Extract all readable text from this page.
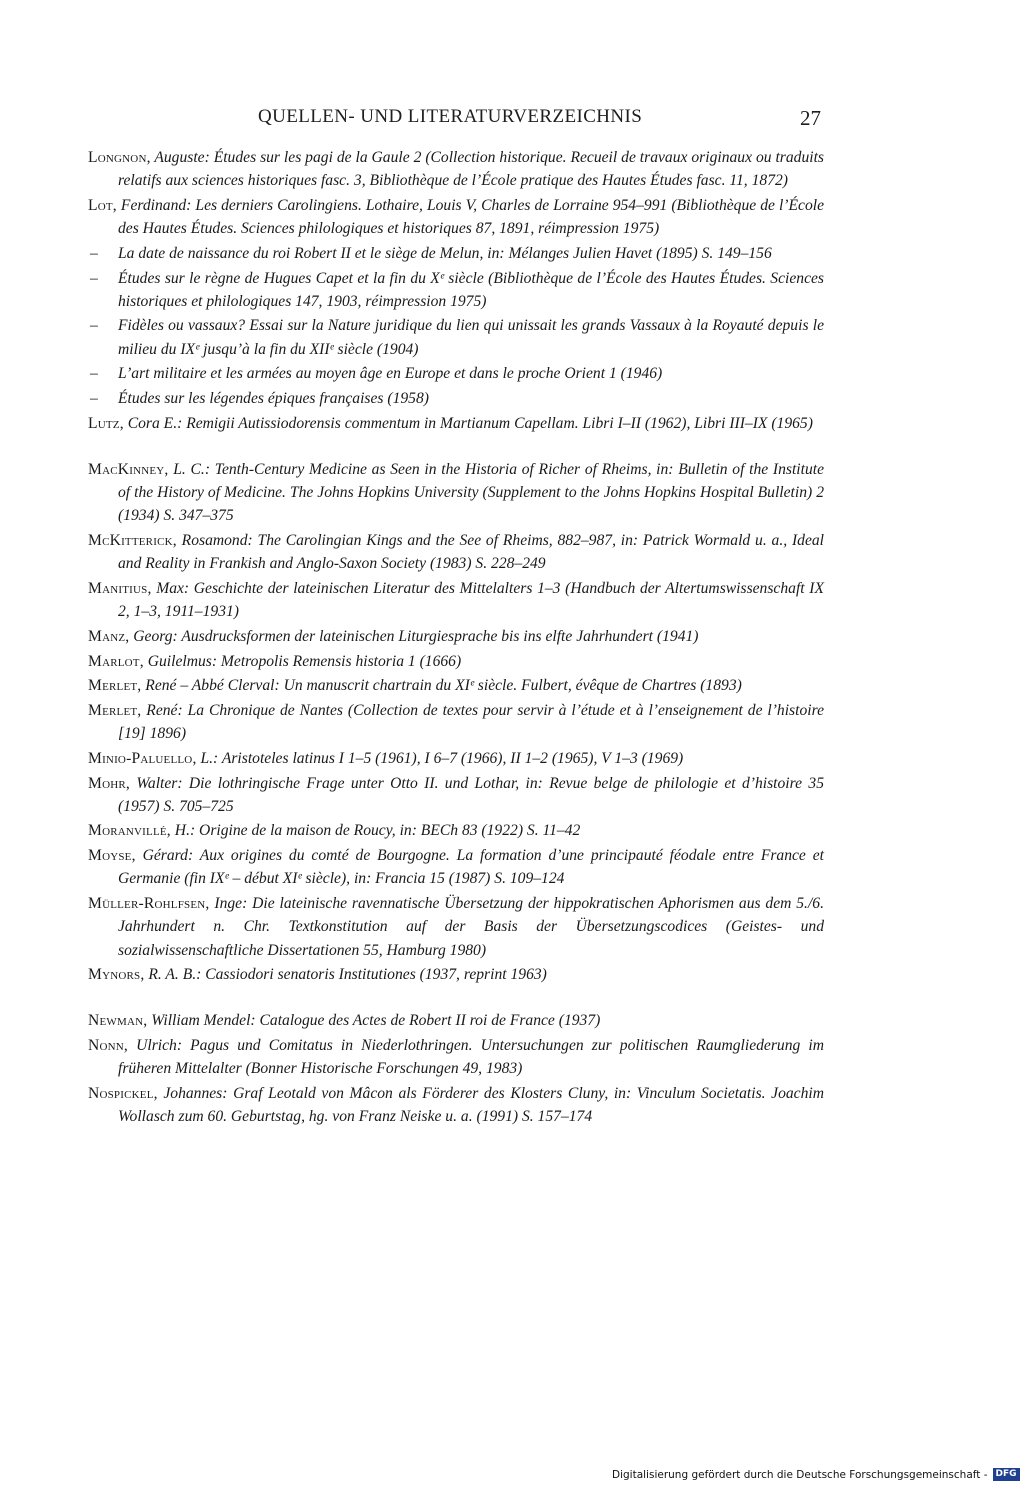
QUELLEN- UND LITERATURVERZEICHNIS	27
Longnon, Auguste: Études sur les pagi de la Gaule 2 (Collection historique. Recueil de travaux originaux ou traduits relatifs aux sciences historiques fasc. 3, Bibliothèque de l’École pratique des Hautes Études fasc. 11, 1872)
Lot, Ferdinand: Les derniers Carolingiens. Lothaire, Louis V, Charles de Lorraine 954–991 (Bibliothèque de l’École des Hautes Études. Sciences philologiques et historiques 87, 1891, réimpression 1975)
– La date de naissance du roi Robert II et le siège de Melun, in: Mélanges Julien Havet (1895) S. 149–156
– Études sur le règne de Hugues Capet et la fin du Xᵉ siècle (Bibliothèque de l’École des Hautes Études. Sciences historiques et philologiques 147, 1903, réimpression 1975)
– Fidèles ou vassaux? Essai sur la Nature juridique du lien qui unissait les grands Vassaux à la Royauté depuis le milieu du IXᵉ jusqu’à la fin du XIIᵉ siècle (1904)
– L’art militaire et les armées au moyen âge en Europe et dans le proche Orient 1 (1946)
– Études sur les légendes épiques françaises (1958)
Lutz, Cora E.: Remigii Autissiodorensis commentum in Martianum Capellam. Libri I–II (1962), Libri III–IX (1965)
MacKinney, L. C.: Tenth-Century Medicine as Seen in the Historia of Richer of Rheims, in: Bulletin of the Institute of the History of Medicine. The Johns Hopkins University (Supplement to the Johns Hopkins Hospital Bulletin) 2 (1934) S. 347–375
McKitterick, Rosamond: The Carolingian Kings and the See of Rheims, 882–987, in: Patrick Wormald u. a., Ideal and Reality in Frankish and Anglo-Saxon Society (1983) S. 228–249
Manitius, Max: Geschichte der lateinischen Literatur des Mittelalters 1–3 (Handbuch der Altertumswissenschaft IX 2, 1–3, 1911–1931)
Manz, Georg: Ausdrucksformen der lateinischen Liturgiesprache bis ins elfte Jahrhundert (1941)
Marlot, Guilelmus: Metropolis Remensis historia 1 (1666)
Merlet, René – Abbé Clerval: Un manuscrit chartrain du XIᵉ siècle. Fulbert, évêque de Chartres (1893)
Merlet, René: La Chronique de Nantes (Collection de textes pour servir à l’étude et à l’enseignement de l’histoire [19] 1896)
Minio-Paluello, L.: Aristoteles latinus I 1–5 (1961), I 6–7 (1966), II 1–2 (1965), V 1–3 (1969)
Mohr, Walter: Die lothringische Frage unter Otto II. und Lothar, in: Revue belge de philologie et d’histoire 35 (1957) S. 705–725
Moranvillé, H.: Origine de la maison de Roucy, in: BECh 83 (1922) S. 11–42
Moyse, Gérard: Aux origines du comté de Bourgogne. La formation d’une principauté féodale entre France et Germanie (fin IXᵉ – début XIᵉ siècle), in: Francia 15 (1987) S. 109–124
Müller-Rohlfsen, Inge: Die lateinische ravennatische Übersetzung der hippokratischen Aphorismen aus dem 5./6. Jahrhundert n. Chr. Textkonstitution auf der Basis der Übersetzungscodices (Geistes- und sozialwissenschaftliche Dissertationen 55, Hamburg 1980)
Mynors, R. A. B.: Cassiodori senatoris Institutiones (1937, reprint 1963)
Newman, William Mendel: Catalogue des Actes de Robert II roi de France (1937)
Nonn, Ulrich: Pagus und Comitatus in Niederlothringen. Untersuchungen zur politischen Raumgliederung im früheren Mittelalter (Bonner Historische Forschungen 49, 1983)
Nospickel, Johannes: Graf Leotald von Mâcon als Förderer des Klosters Cluny, in: Vinculum Societatis. Joachim Wollasch zum 60. Geburtstag, hg. von Franz Neiske u. a. (1991) S. 157–174
Digitalisierung gefördert durch die Deutsche Forschungsgemeinschaft - DFG
